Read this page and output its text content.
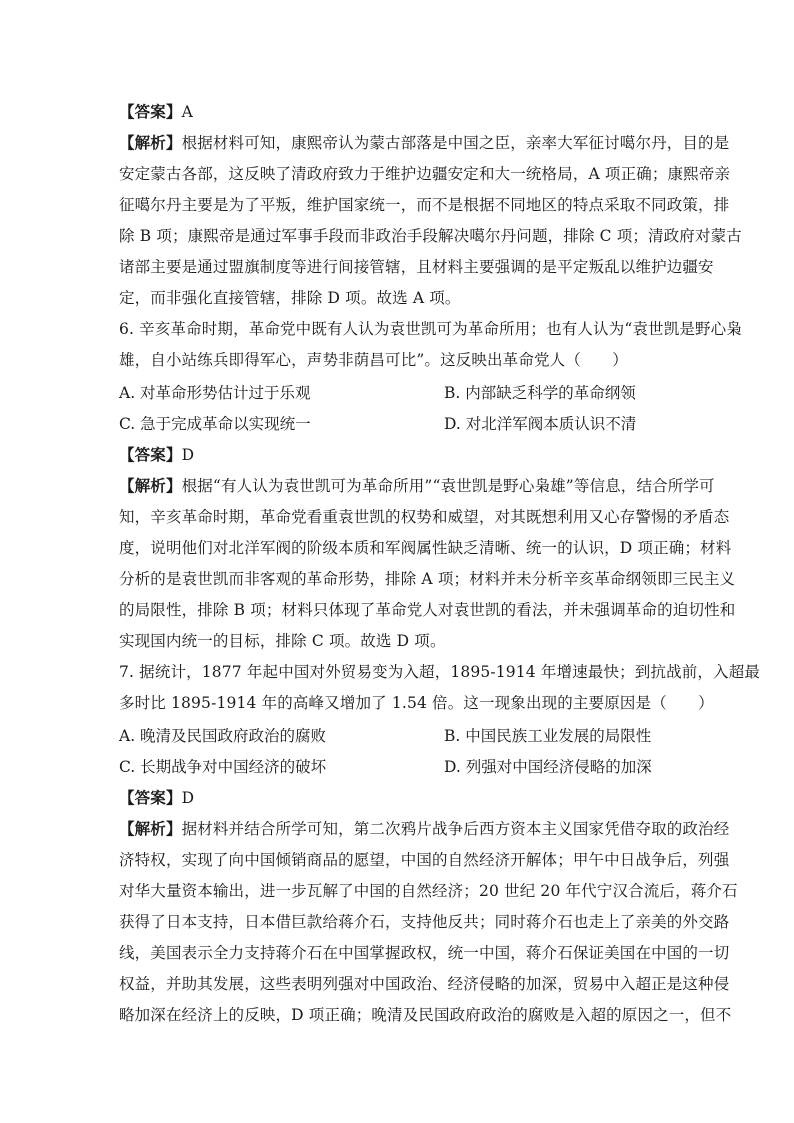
【答案】A
【解析】根据材料可知，康熙帝认为蒙古部落是中国之臣，亲率大军征讨噶尔丹，目的是
安定蒙古各部，这反映了清政府致力于维护边疆安定和大一统格局，A 项正确；康熙帝亲
征噶尔丹主要是为了平叛，维护国家统一，而不是根据不同地区的特点采取不同政策，排
除 B 项；康熙帝是通过军事手段而非政治手段解决噶尔丹问题，排除 C 项；清政府对蒙古
诸部主要是通过盟旗制度等进行间接管辖，且材料主要强调的是平定叛乱以维护边疆安
定，而非强化直接管辖，排除 D 项。故选 A 项。
6. 辛亥革命时期，革命党中既有人认为袁世凯可为革命所用；也有人认为“袁世凯是野心枭
雄，自小站练兵即得军心，声势非荫昌可比”。这反映出革命党人（　　）
A. 对革命形势估计过于乐观	B. 内部缺乏科学的革命纲领
C. 急于完成革命以实现统一	D. 对北洋军阀本质认识不清
【答案】D
【解析】根据“有人认为袁世凯可为革命所用”“袁世凯是野心枭雄”等信息，结合所学可
知，辛亥革命时期，革命党看重袁世凯的权势和威望，对其既想利用又心存警惕的矛盾态
度，说明他们对北洋军阀的阶级本质和军阀属性缺乏清晰、统一的认识，D 项正确；材料
分析的是袁世凯而非客观的革命形势，排除 A 项；材料并未分析辛亥革命纲领即三民主义
的局限性，排除 B 项；材料只体现了革命党人对袁世凯的看法，并未强调革命的迫切性和
实现国内统一的目标，排除 C 项。故选 D 项。
7. 据统计，1877 年起中国对外贸易变为入超，1895-1914 年增速最快；到抗战前，入超最
多时比 1895-1914 年的高峰又增加了 1.54 倍。这一现象出现的主要原因是（　　）
A. 晚清及民国政府政治的腐败	B. 中国民族工业发展的局限性
C. 长期战争对中国经济的破坏	D. 列强对中国经济侵略的加深
【答案】D
【解析】据材料并结合所学可知，第二次鸦片战争后西方资本主义国家凭借夺取的政治经
济特权，实现了向中国倾销商品的愿望，中国的自然经济开解体；甲午中日战争后，列强
对华大量资本输出，进一步瓦解了中国的自然经济；20 世纪 20 年代宁汉合流后，蒋介石
获得了日本支持，日本借巨款给蒋介石，支持他反共；同时蒋介石也走上了亲美的外交路
线，美国表示全力支持蒋介石在中国掌握政权，统一中国，蒋介石保证美国在中国的一切
权益，并助其发展，这些表明列强对中国政治、经济侵略的加深，贸易中入超正是这种侵
略加深在经济上的反映，D 项正确；晚清及民国政府政治的腐败是入超的原因之一，但不
